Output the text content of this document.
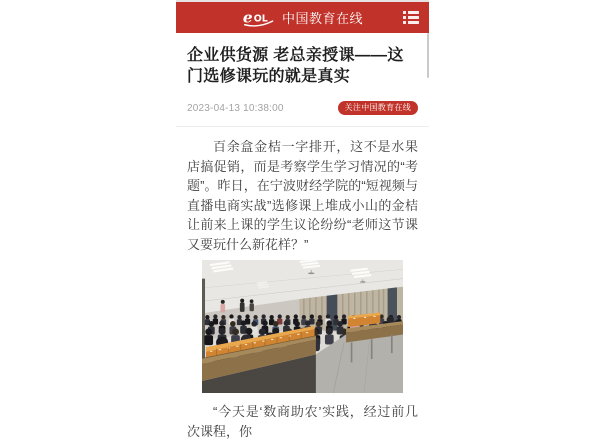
e OL 中国教育在线
企业供货源 老总亲授课——这门选修课玩的就是真实
2023-04-13 10:38:00	关注中国教育在线

百余盒金桔一字排开，这不是水果店搞促销，而是考察学生学习情况的“考题”。昨日，在宁波财经学院的“短视频与直播电商实战”选修课上堆成小山的金桔让前来上课的学生议论纷纷“老师这节课又要玩什么新花样？”

“今天是‘数商助农’实践，经过前几次课程，你
